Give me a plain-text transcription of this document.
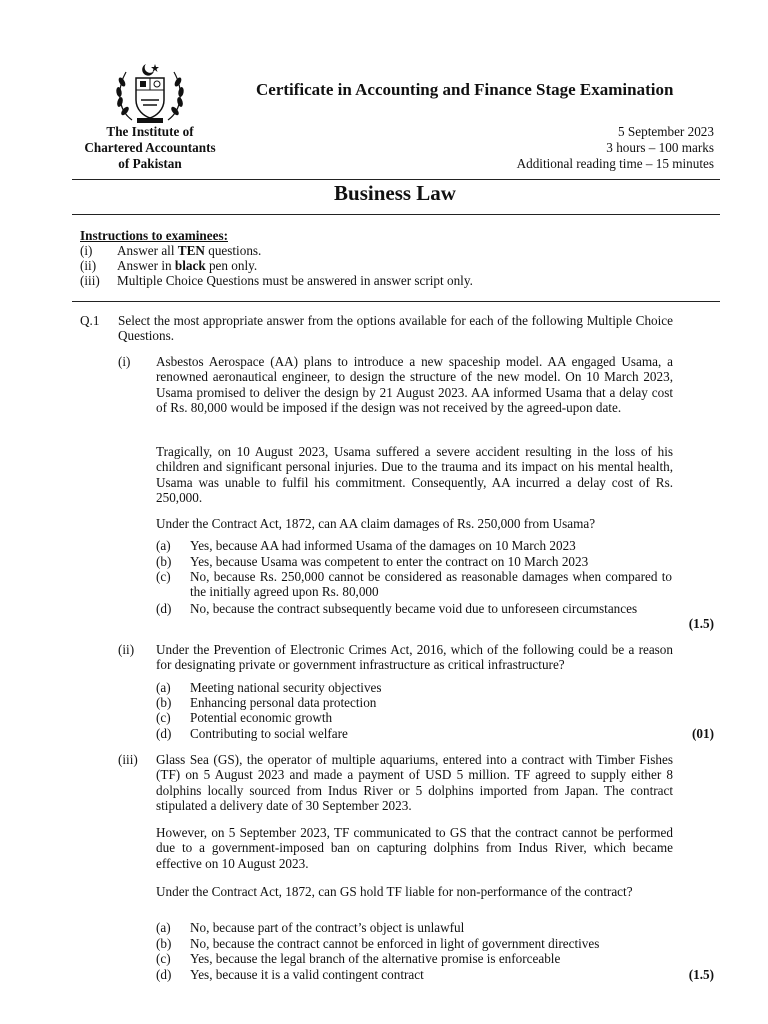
Certificate in Accounting and Finance Stage Examination
The Institute of
Chartered Accountants
of Pakistan
5 September 2023
3 hours – 100 marks
Additional reading time – 15 minutes
Business Law
Instructions to examinees:
(i) Answer all TEN questions.
(ii) Answer in black pen only.
(iii) Multiple Choice Questions must be answered in answer script only.
Q.1 Select the most appropriate answer from the options available for each of the following Multiple Choice Questions.
(i) Asbestos Aerospace (AA) plans to introduce a new spaceship model. AA engaged Usama, a renowned aeronautical engineer, to design the structure of the new model. On 10 March 2023, Usama promised to deliver the design by 21 August 2023. AA informed Usama that a delay cost of Rs. 80,000 would be imposed if the design was not received by the agreed-upon date.
Tragically, on 10 August 2023, Usama suffered a severe accident resulting in the loss of his children and significant personal injuries. Due to the trauma and its impact on his mental health, Usama was unable to fulfil his commitment. Consequently, AA incurred a delay cost of Rs. 250,000.
Under the Contract Act, 1872, can AA claim damages of Rs. 250,000 from Usama?
(a) Yes, because AA had informed Usama of the damages on 10 March 2023
(b) Yes, because Usama was competent to enter the contract on 10 March 2023
(c) No, because Rs. 250,000 cannot be considered as reasonable damages when compared to the initially agreed upon Rs. 80,000
(d) No, because the contract subsequently became void due to unforeseen circumstances
(1.5)
(ii) Under the Prevention of Electronic Crimes Act, 2016, which of the following could be a reason for designating private or government infrastructure as critical infrastructure?
(a) Meeting national security objectives
(b) Enhancing personal data protection
(c) Potential economic growth
(d) Contributing to social welfare	(01)
(iii) Glass Sea (GS), the operator of multiple aquariums, entered into a contract with Timber Fishes (TF) on 5 August 2023 and made a payment of USD 5 million. TF agreed to supply either 8 dolphins locally sourced from Indus River or 5 dolphins imported from Japan. The contract stipulated a delivery date of 30 September 2023.
However, on 5 September 2023, TF communicated to GS that the contract cannot be performed due to a government-imposed ban on capturing dolphins from Indus River, which became effective on 10 August 2023.
Under the Contract Act, 1872, can GS hold TF liable for non-performance of the contract?
(a) No, because part of the contract’s object is unlawful
(b) No, because the contract cannot be enforced in light of government directives
(c) Yes, because the legal branch of the alternative promise is enforceable
(d) Yes, because it is a valid contingent contract	(1.5)
